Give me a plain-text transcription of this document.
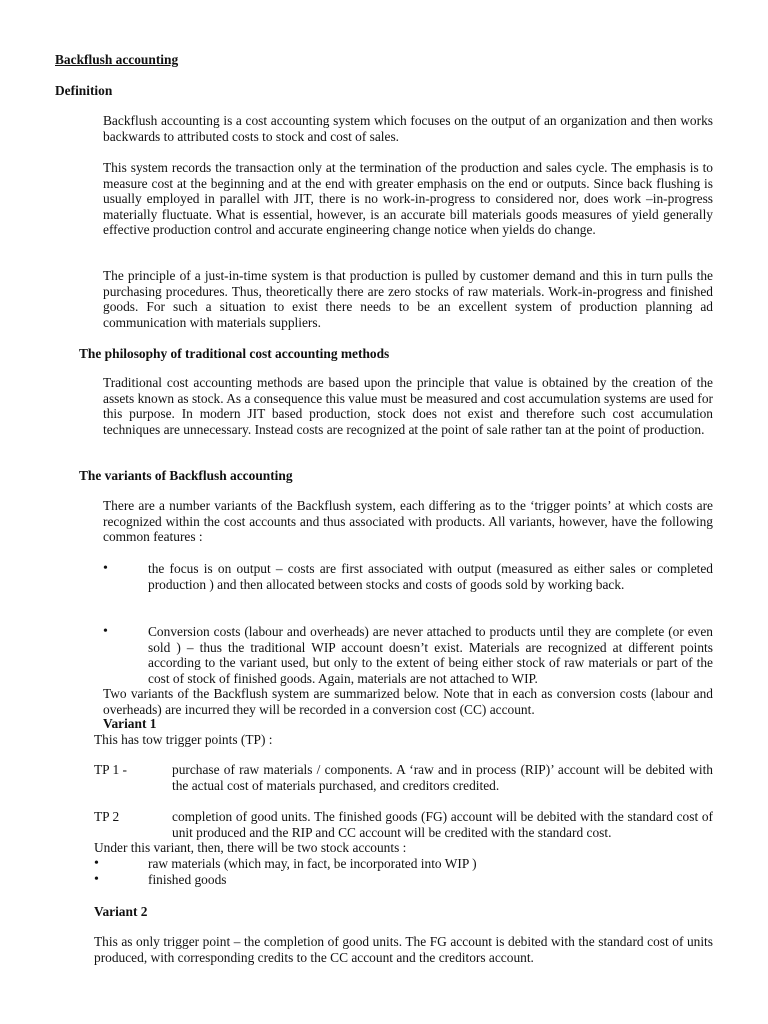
Backflush accounting
Definition
Backflush accounting is a cost accounting system which focuses on the output of an organization and then works backwards to attributed costs to stock and cost of sales.
This system records the transaction only at the termination of the production and sales cycle. The emphasis is to measure cost at the beginning and at the end with greater emphasis on the end or outputs. Since back flushing is usually employed in parallel with JIT, there is no work-in-progress to considered nor, does work –in-progress materially fluctuate. What is essential, however, is an accurate bill materials goods measures of yield generally effective production control and accurate engineering change notice when yields do change.
The principle of a just-in-time system is that production is pulled by customer demand and this in turn pulls the purchasing procedures. Thus, theoretically there are zero stocks of raw materials. Work-in-progress and finished goods. For such a situation to exist there needs to be an excellent system of production planning ad communication with materials suppliers.
The philosophy of traditional cost accounting methods
Traditional cost accounting methods are based upon the principle that value is obtained by the creation of the assets known as stock. As a consequence this value must be measured and cost accumulation systems are used for this purpose. In modern JIT based production, stock does not exist and therefore such cost accumulation techniques are unnecessary. Instead costs are recognized at the point of sale rather tan at the point of production.
The variants of Backflush accounting
There are a number variants of the Backflush system, each differing as to the ‘trigger points’ at which costs are recognized within the cost accounts and thus associated with products. All variants, however, have the following common features :
•	the focus is on output – costs are first associated with output (measured as either sales or completed production ) and then allocated between stocks and costs of goods sold by working back.
•	Conversion costs (labour and overheads) are never attached to products until they are complete (or even sold ) – thus the traditional WIP account doesn’t exist. Materials are recognized at different points according to the variant used, but only to the extent of being either stock of raw materials or part of the cost of stock of finished goods. Again, materials are not attached to WIP.
Two variants of the Backflush system are summarized below. Note that in each as conversion costs (labour and overheads) are incurred they will be recorded in a conversion cost (CC) account.
Variant 1
This has tow trigger points (TP) :
TP 1 -	purchase of raw materials / components. A ‘raw and in process (RIP)’ account will be debited with the actual cost of materials purchased, and creditors credited.
TP 2	completion of good units. The finished goods (FG) account will be debited with the standard cost of unit produced and the RIP and CC account will be credited with the standard cost.
Under this variant, then, there will be two stock accounts :
•	raw materials (which may, in fact, be incorporated into WIP )
•	finished goods
Variant 2
This as only trigger point – the completion of good units. The FG account is debited with the standard cost of units produced, with corresponding credits to the CC account and the creditors account.
